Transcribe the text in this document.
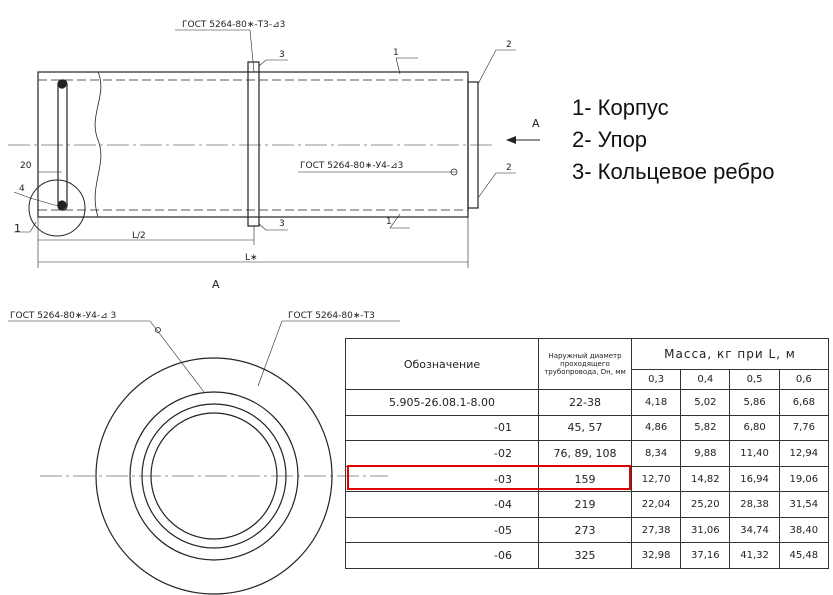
ГОСТ 5264-80∗-Т3-⊿3
ГОСТ 5264-80∗-У4-⊿3
3	1
2
2
3	1
4
1
20
L/2
L∗
A
A
ГОСТ 5264-80∗-У4-⊿ 3	ГОСТ 5264-80∗-Т3
1- Корпус
2- Упор
3- Кольцевое ребро
Обозначение	Наружный диаметр проходящего трубопровода, Dн, мм	Масса, кг при L, м			
		0,3	0,4	0,5	0,6
5.905-26.08.1-8.00	22-38	4,18	5,02	5,86	6,68
-01	45, 57	4,86	5,82	6,80	7,76
-02	76, 89, 108	8,34	9,88	11,40	12,94
-03	159	12,70	14,82	16,94	19,06
-04	219	22,04	25,20	28,38	31,54
-05	273	27,38	31,06	34,74	38,40
-06	325	32,98	37,16	41,32	45,48
